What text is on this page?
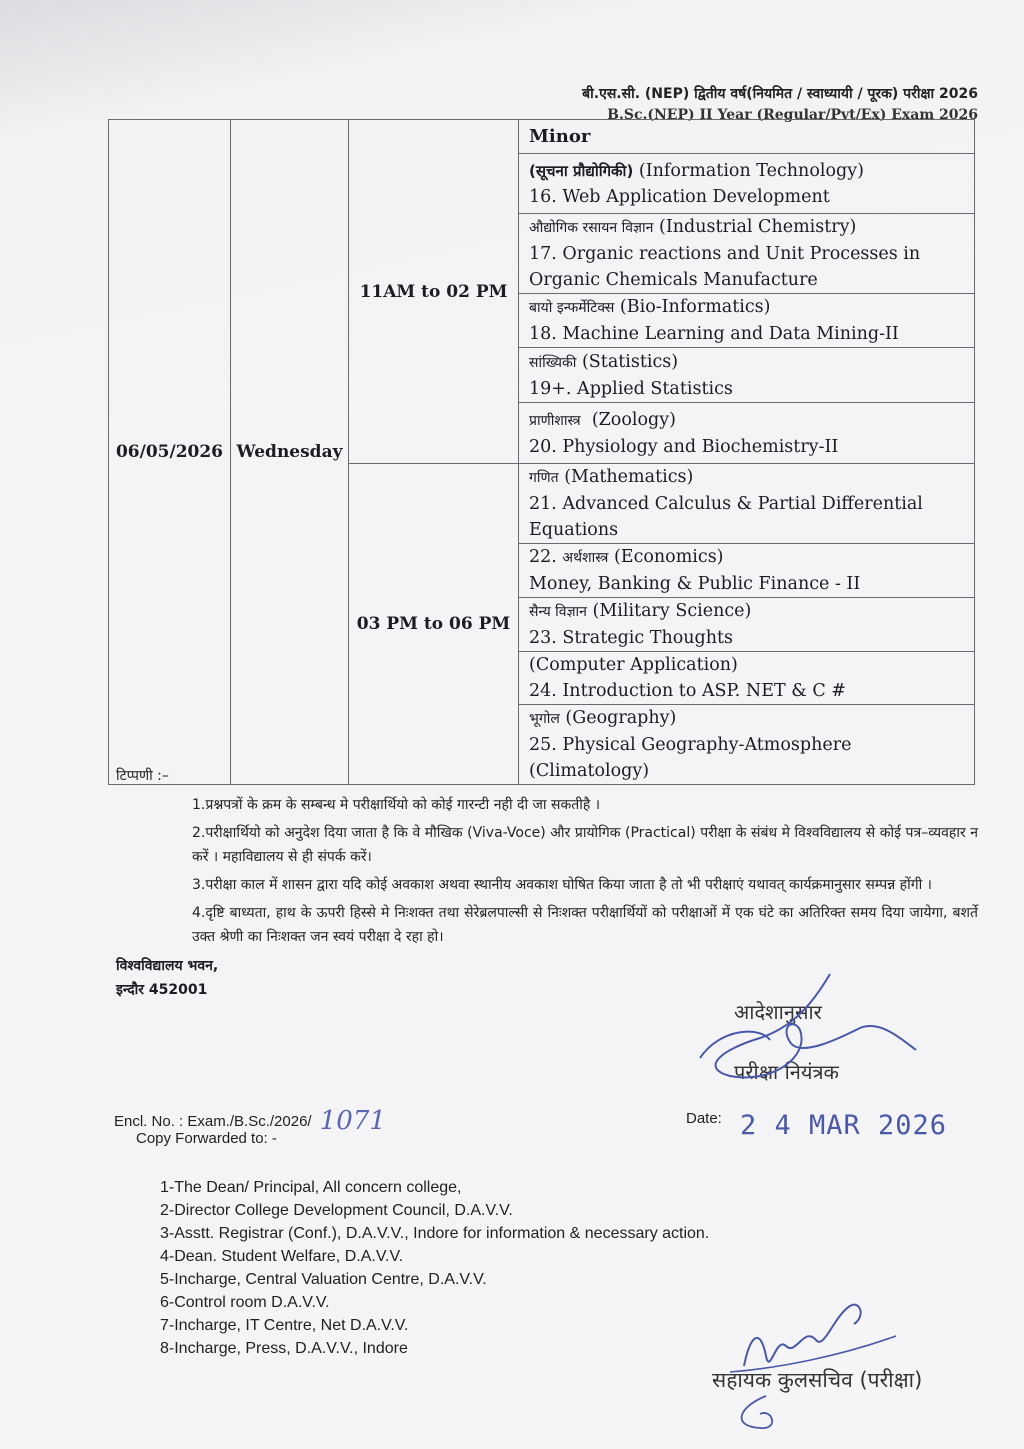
बी.एस.सी. (NEP) द्वितीय वर्ष(नियमित / स्वाध्यायी / पूरक) परीक्षा 2026
B.Sc.(NEP) II Year (Regular/Pvt/Ex) Exam 2026
06/05/2026	Wednesday	11AM to 02 PM	Minor

			(सूचना प्रौद्योगिकी) (Information Technology)
16. Web Application Development

			औद्योगिक रसायन विज्ञान (Industrial Chemistry)
17. Organic reactions and Unit Processes in Organic Chemicals Manufacture

			बायो इन्फर्मेटिक्स (Bio-Informatics)
18. Machine Learning and Data Mining-II

			सांख्यिकी (Statistics)
19+. Applied Statistics

			प्राणीशास्त्र (Zoology)
20. Physiology and Biochemistry-II

		03 PM to 06 PM	गणित (Mathematics)
21. Advanced Calculus & Partial Differential Equations

			22. अर्थशास्त्र (Economics)
Money, Banking & Public Finance - II

			सैन्य विज्ञान (Military Science)
23. Strategic Thoughts

			(Computer Application)
24. Introduction to ASP. NET & C #

			भूगोल (Geography)
25. Physical Geography-Atmosphere (Climatology)
टिप्पणी :–

1.प्रश्नपत्रों के क्रम के सम्बन्ध मे परीक्षार्थियो को कोई गारन्टी नही दी जा सकतीहै ।

2.परीक्षार्थियो को अनुदेश दिया जाता है कि वे मौखिक (Viva-Voce) और प्रायोगिक (Practical) परीक्षा के संबंध मे विश्वविद्यालय से कोई पत्र–व्यवहार न करें । महाविद्यालय से ही संपर्क करें।

3.परीक्षा काल में शासन द्वारा यदि कोई अवकाश अथवा स्थानीय अवकाश घोषित किया जाता है तो भी परीक्षाएं यथावत् कार्यक्रमानुसार सम्पन्न होंगी ।

4.दृष्टि बाध्यता, हाथ के ऊपरी हिस्से मे निःशक्त तथा सेरेब्रलपाल्सी से निःशक्त परीक्षार्थियों को परीक्षाओं में एक घंटे का अतिरिक्त समय दिया जायेगा, बशर्ते उक्त श्रेणी का निःशक्त जन स्वयं परीक्षा दे रहा हो।

विश्वविद्यालय भवन,
इन्दौर 452001
आदेशानुसार
परीक्षा नियंत्रक
Encl. No. : Exam./B.Sc./2026/ 1071
Copy Forwarded to: -
Date: 2 4 MAR 2026
1-The Dean/ Principal, All concern college,
2-Director College Development Council, D.A.V.V.
3-Asstt. Registrar (Conf.), D.A.V.V., Indore for information & necessary action.
4-Dean. Student Welfare, D.A.V.V.
5-Incharge, Central Valuation Centre, D.A.V.V.
6-Control room D.A.V.V.
7-Incharge, IT Centre, Net D.A.V.V.
8-Incharge, Press, D.A.V.V., Indore
सहायक कुलसचिव (परीक्षा)
